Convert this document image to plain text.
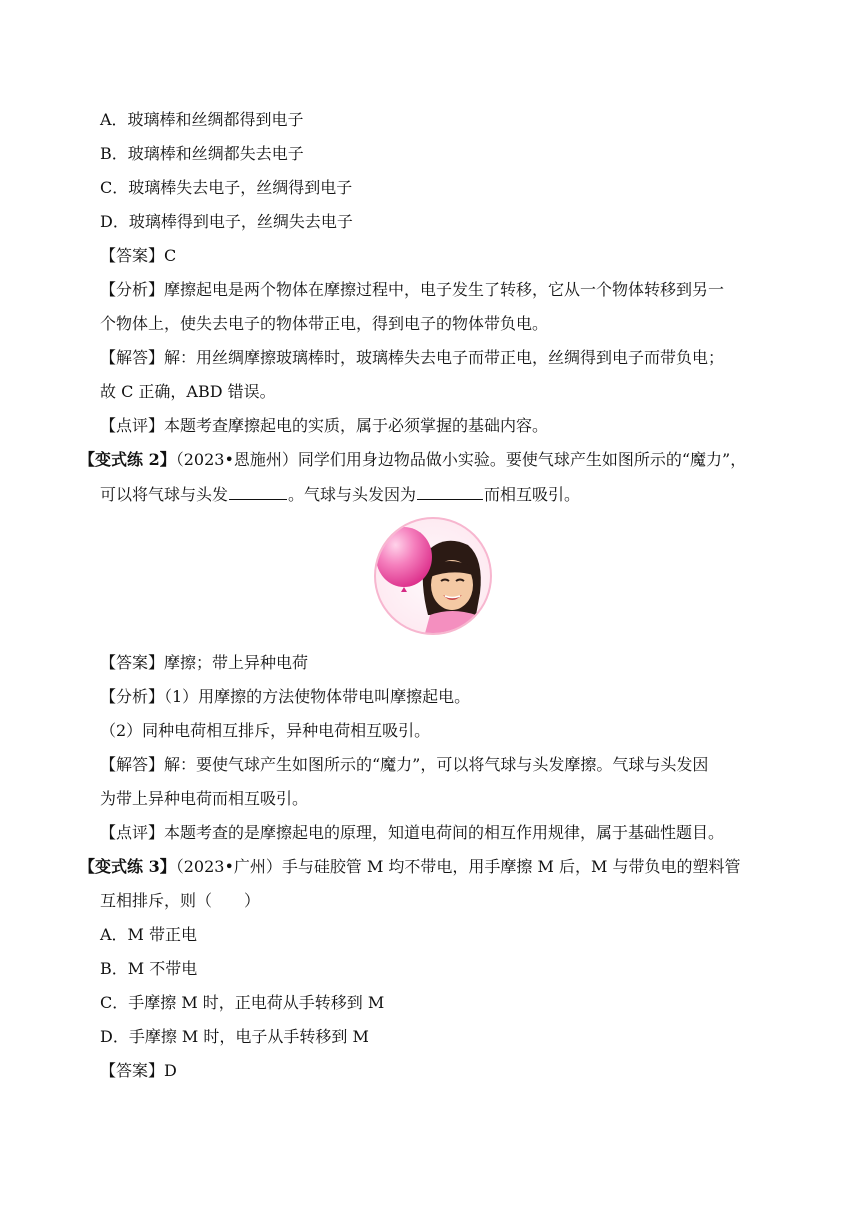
A．玻璃棒和丝绸都得到电子
B．玻璃棒和丝绸都失去电子
C．玻璃棒失去电子，丝绸得到电子
D．玻璃棒得到电子，丝绸失去电子
【答案】C
【分析】摩擦起电是两个物体在摩擦过程中，电子发生了转移，它从一个物体转移到另一
个物体上，使失去电子的物体带正电，得到电子的物体带负电。
【解答】解：用丝绸摩擦玻璃棒时，玻璃棒失去电子而带正电，丝绸得到电子而带负电；
故 C 正确，ABD 错误。
【点评】本题考查摩擦起电的实质，属于必须掌握的基础内容。
【变式练 2】（2023•恩施州）同学们用身边物品做小实验。要使气球产生如图所示的“魔力”，
可以将气球与头发	。气球与头发因为	而相互吸引。
【答案】摩擦；带上异种电荷
【分析】（1）用摩擦的方法使物体带电叫摩擦起电。
（2）同种电荷相互排斥，异种电荷相互吸引。
【解答】解：要使气球产生如图所示的“魔力”，可以将气球与头发摩擦。气球与头发因
为带上异种电荷而相互吸引。
【点评】本题考查的是摩擦起电的原理，知道电荷间的相互作用规律，属于基础性题目。
【变式练 3】（2023•广州）手与硅胶管 M 均不带电，用手摩擦 M 后，M 与带负电的塑料管
互相排斥，则（　　）
A．M 带正电
B．M 不带电
C．手摩擦 M 时，正电荷从手转移到 M
D．手摩擦 M 时，电子从手转移到 M
【答案】D
